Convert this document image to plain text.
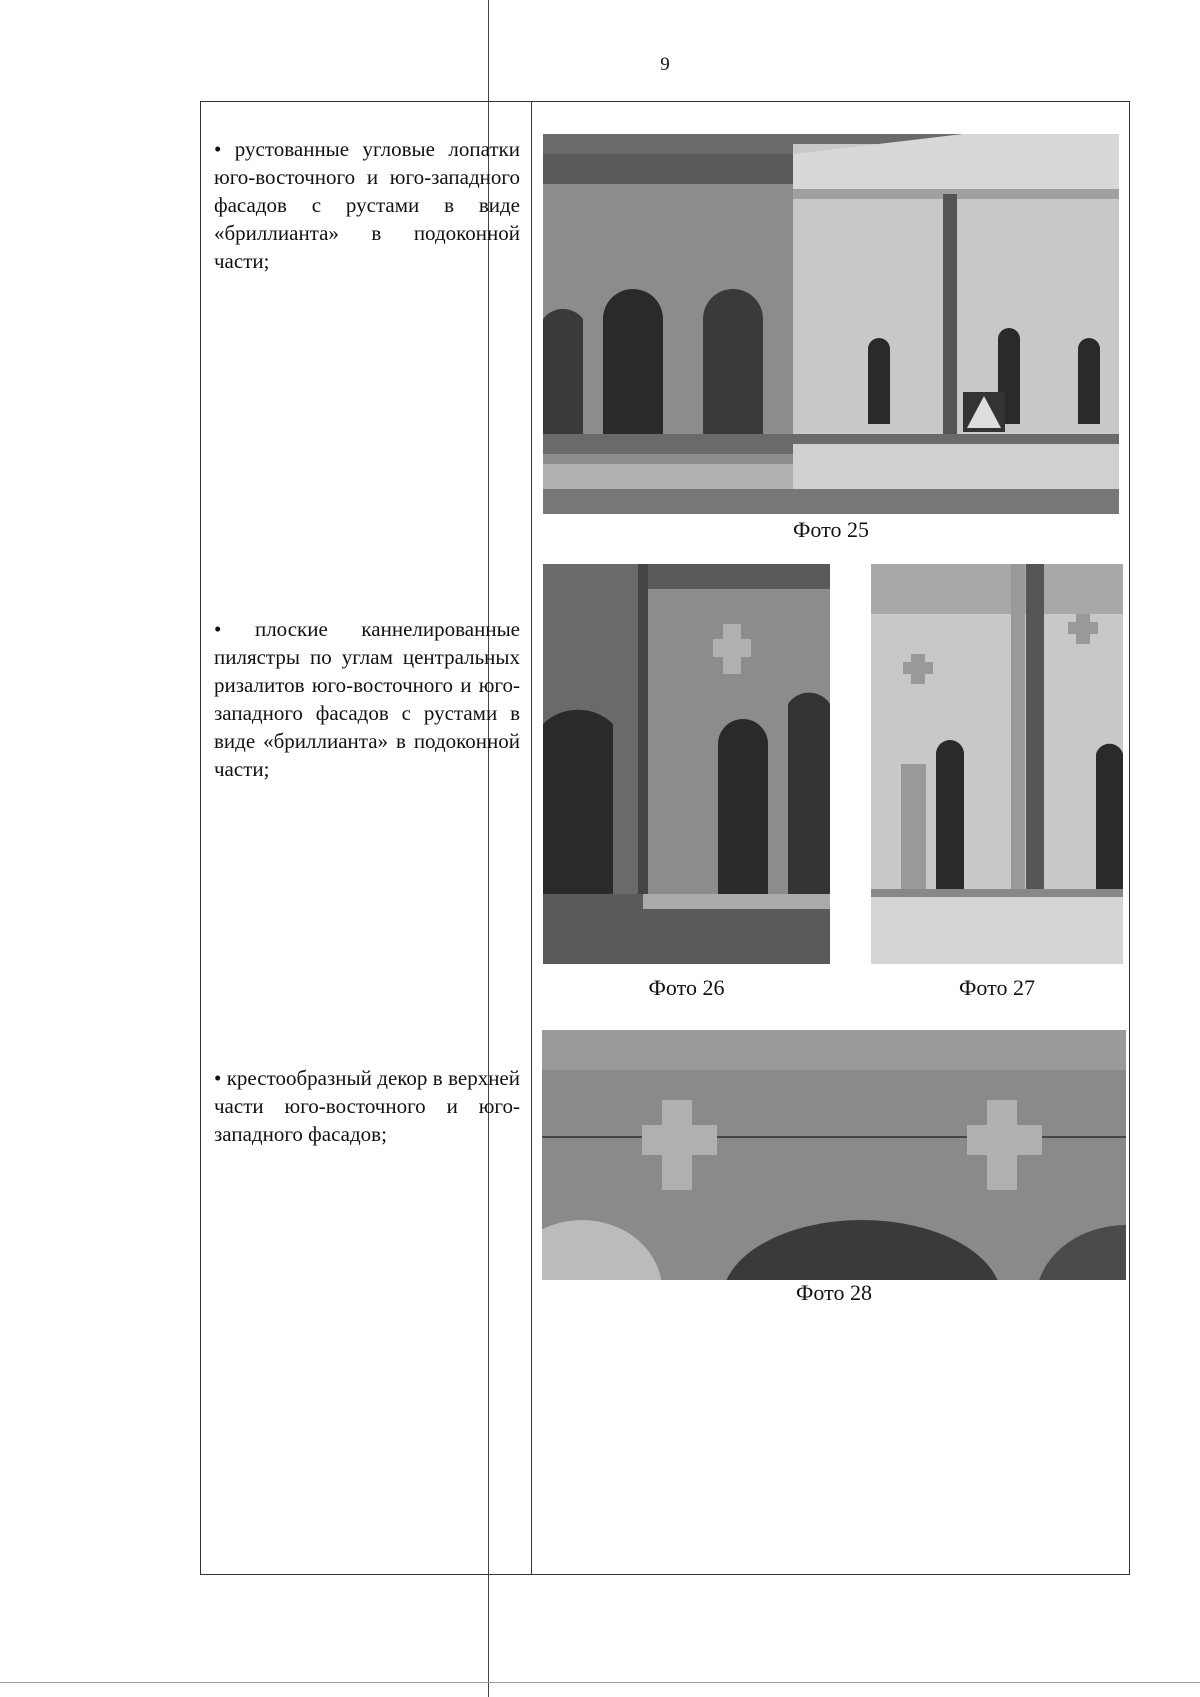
9
• рустованные угловые лопатки юго-восточного и юго-западного фасадов с рустами в виде «бриллианта» в подоконной части;
• плоские каннелированные пилястры по углам центральных ризалитов юго-восточного и юго-западного фасадов с рустами в виде «бриллианта» в подоконной части;
• крестообразный декор в верхней части юго-восточного и юго-западного фасадов;
Фото 25
Фото 26	Фото 27
Фото 28
